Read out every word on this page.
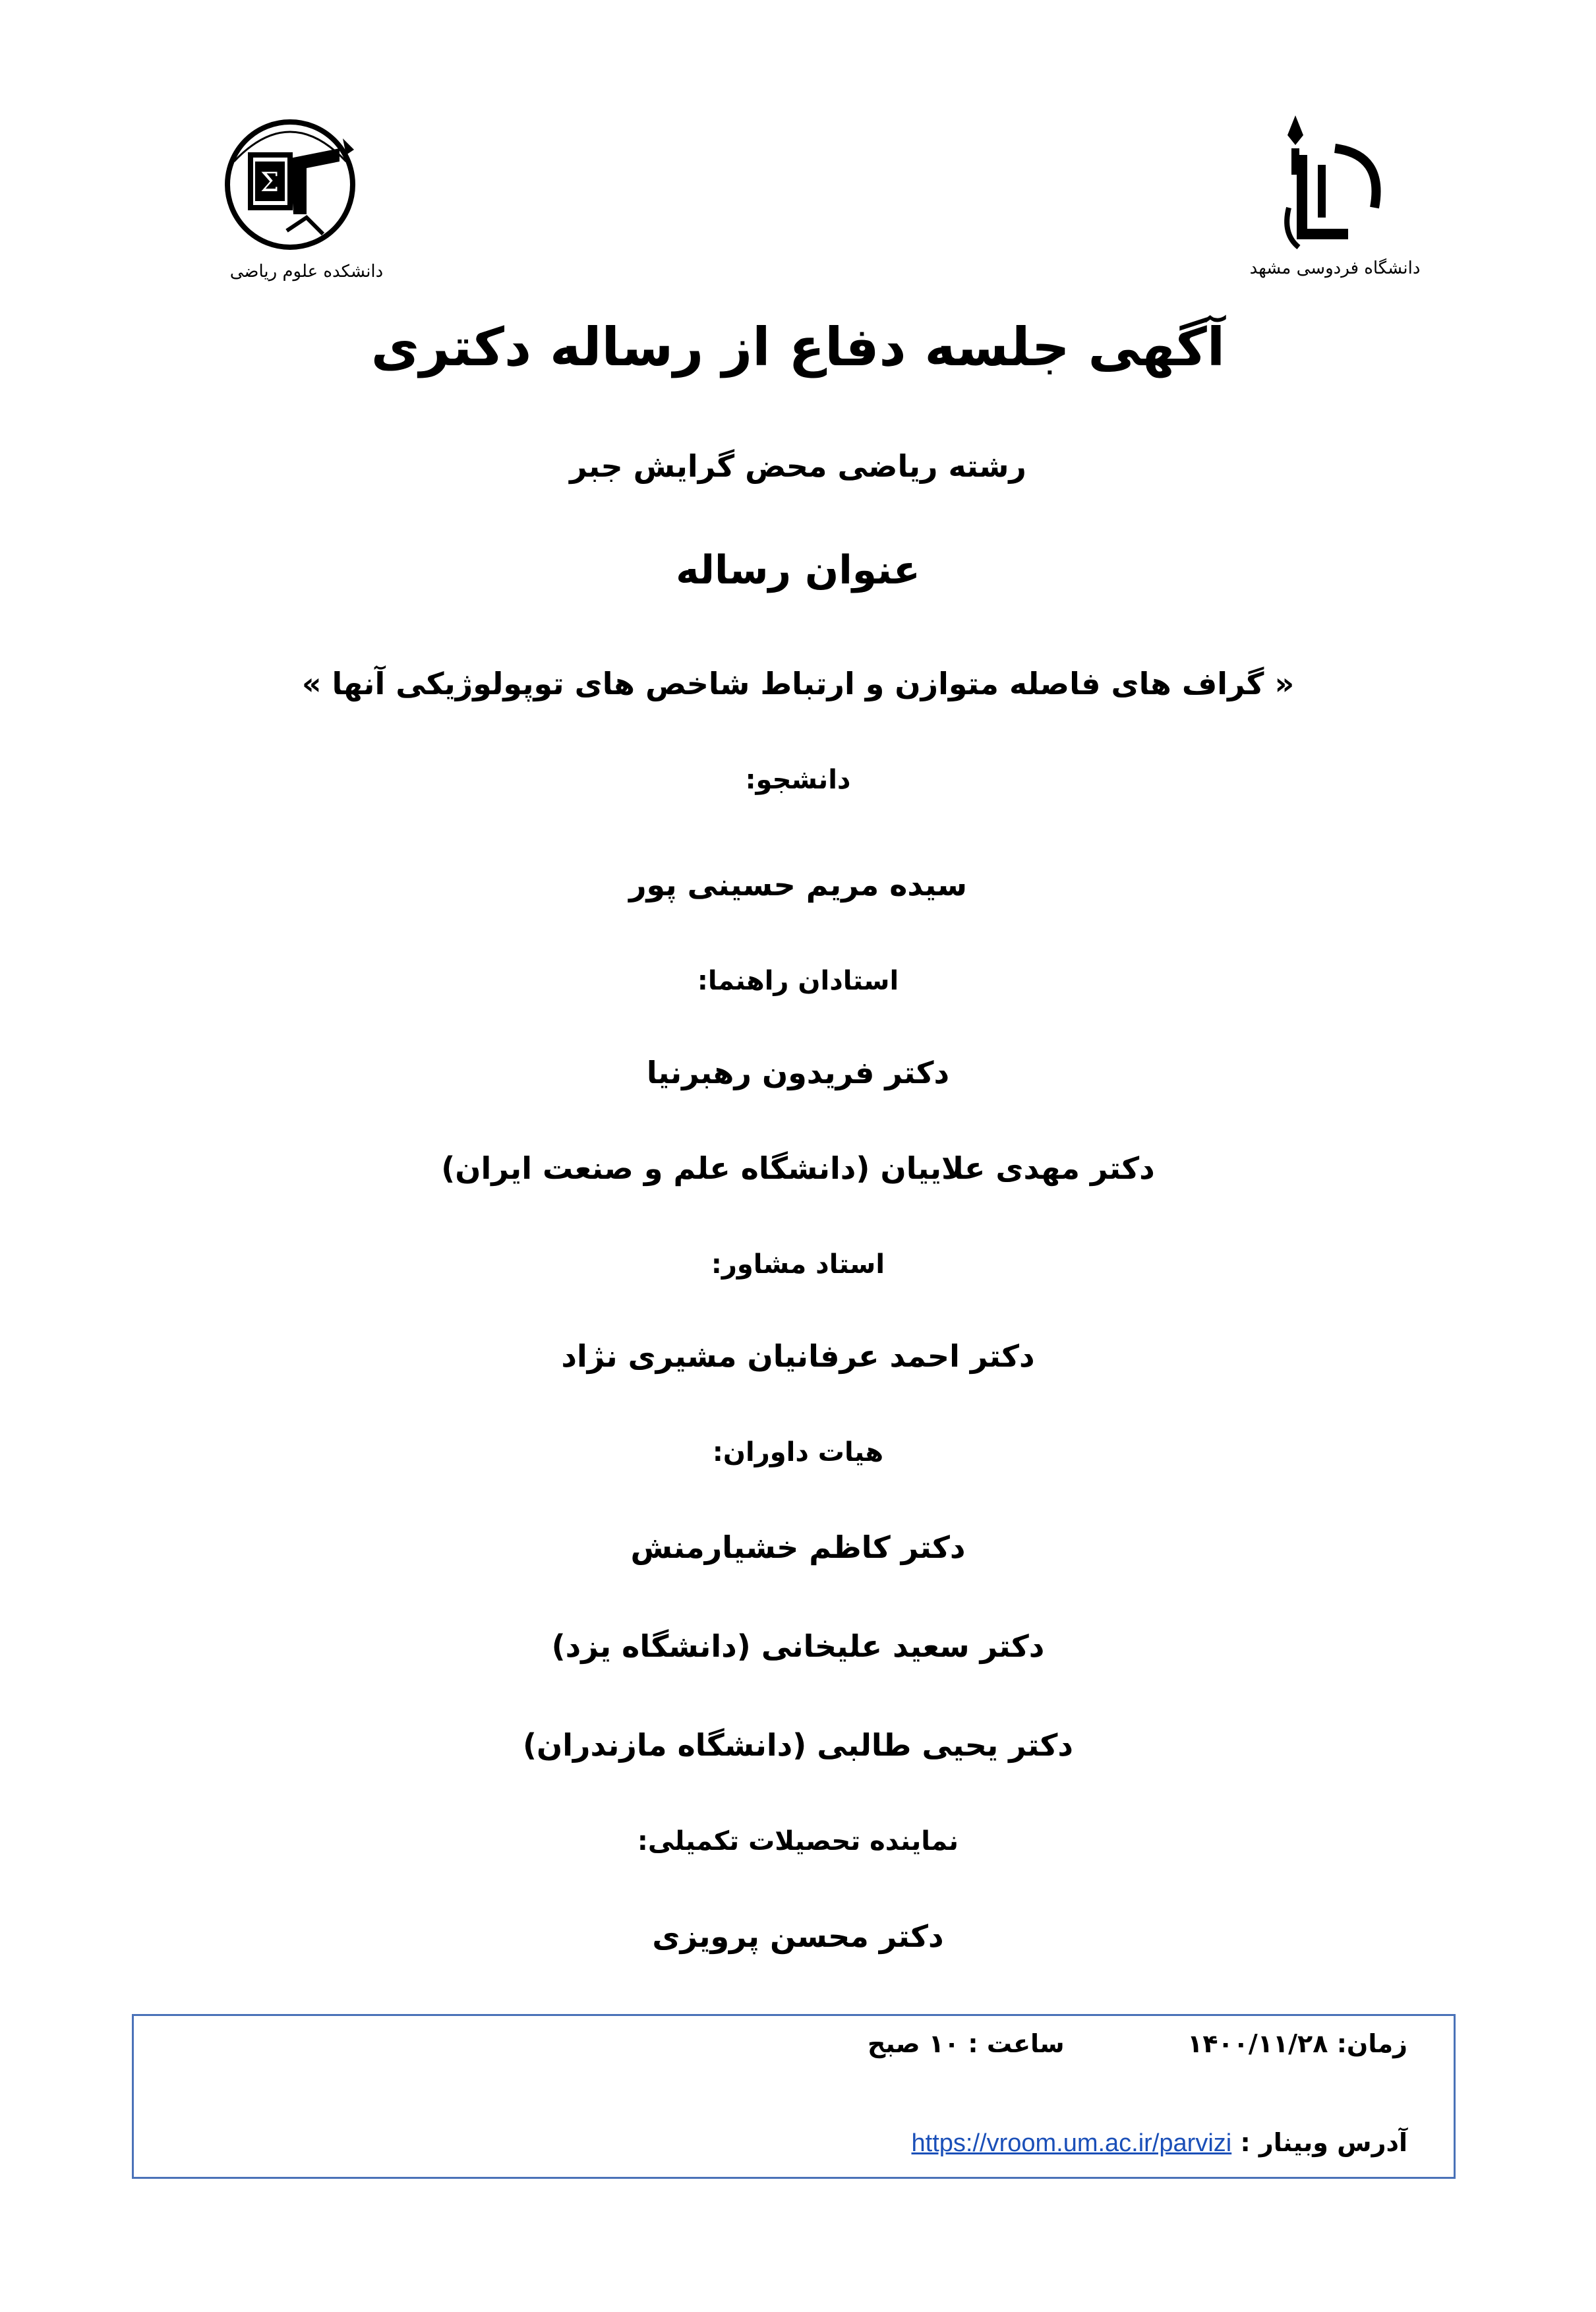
Σ
دانشکده علوم ریاضی	دانشگاه فردوسی مشهد
آگهی جلسه دفاع از رساله دکتری
رشته ریاضی محض گرایش جبر
عنوان رساله
« گراف های فاصله متوازن و ارتباط شاخص های توپولوژیکی آنها »
دانشجو:
سیده مریم حسینی پور
استادان راهنما:
دکتر فریدون رهبرنیا
دکتر مهدی علاییان (دانشگاه علم و صنعت ایران)
استاد مشاور:
دکتر احمد عرفانیان مشیری نژاد
هیات داوران:
دکتر کاظم خشیارمنش
دکتر سعید علیخانی (دانشگاه یزد)
دکتر یحیی طالبی (دانشگاه مازندران)
نماینده تحصیلات تکمیلی:
دکتر محسن پرویزی
زمان: ۱۴۰۰/۱۱/۲۸  ساعت : ۱۰ صبح
آدرس وبینار : https://vroom.um.ac.ir/parvizi
